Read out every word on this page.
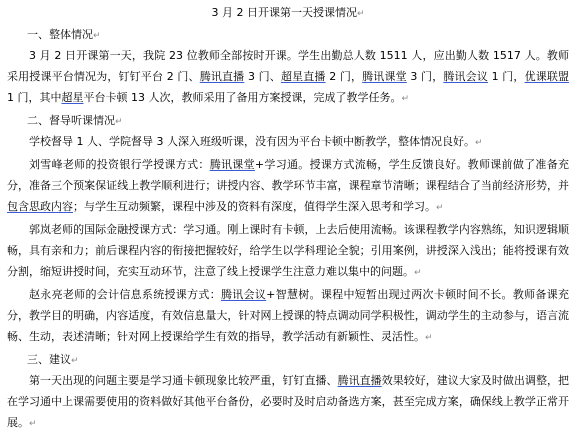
3 月 2 日开课第一天授课情况↵
一、整体情况↵
3 月 2 日开课第一天，我院 23 位教师全部按时开课。学生出勤总人数 1511 人，应出勤人数 1517 人。教师采用授课平台情况为，钉钉平台 2 门、腾讯直播 3 门、超星直播 2 门，腾讯课堂 3 门，腾讯会议 1 门，优课联盟 1 门，其中超星平台卡顿 13 人次，教师采用了备用方案授课，完成了教学任务。↵
二、督导听课情况↵
学校督导 1 人、学院督导 3 人深入班级听课，没有因为平台卡顿中断教学，整体情况良好。↵
刘雪峰老师的投资银行学授课方式：腾讯课堂+学习通。授课方式流畅，学生反馈良好。教师课前做了准备充分，准备三个预案保证线上教学顺利进行；讲授内容、教学环节丰富，课程章节清晰；课程结合了当前经济形势，并包含思政内容；与学生互动频繁，课程中涉及的资料有深度，值得学生深入思考和学习。↵
郭岚老师的国际金融授课方式：学习通。刚上课时有卡顿，上去后使用流畅。该课程教学内容熟练，知识逻辑顺畅，具有亲和力；前后课程内容的衔接把握较好，给学生以学科理论全貌；引用案例，讲授深入浅出；能将授课有效分割，缩短讲授时间，充实互动环节，注意了线上授课学生注意力难以集中的问题。↵
赵永亮老师的会计信息系统授课方式：腾讯会议+智慧树。课程中短暂出现过两次卡顿时间不长。教师备课充分，教学目的明确，内容适度，有效信息量大，针对网上授课的特点调动同学积极性，调动学生的主动参与，语言流畅、生动，表述清晰；针对网上授课给学生有效的指导，教学活动有新颖性、灵活性。↵
三、建议↵
第一天出现的问题主要是学习通卡顿现象比较严重，钉钉直播、腾讯直播效果较好，建议大家及时做出调整，把在学习通中上课需要使用的资料做好其他平台备份，必要时及时启动备选方案，甚至完成方案，确保线上教学正常开展。↵
